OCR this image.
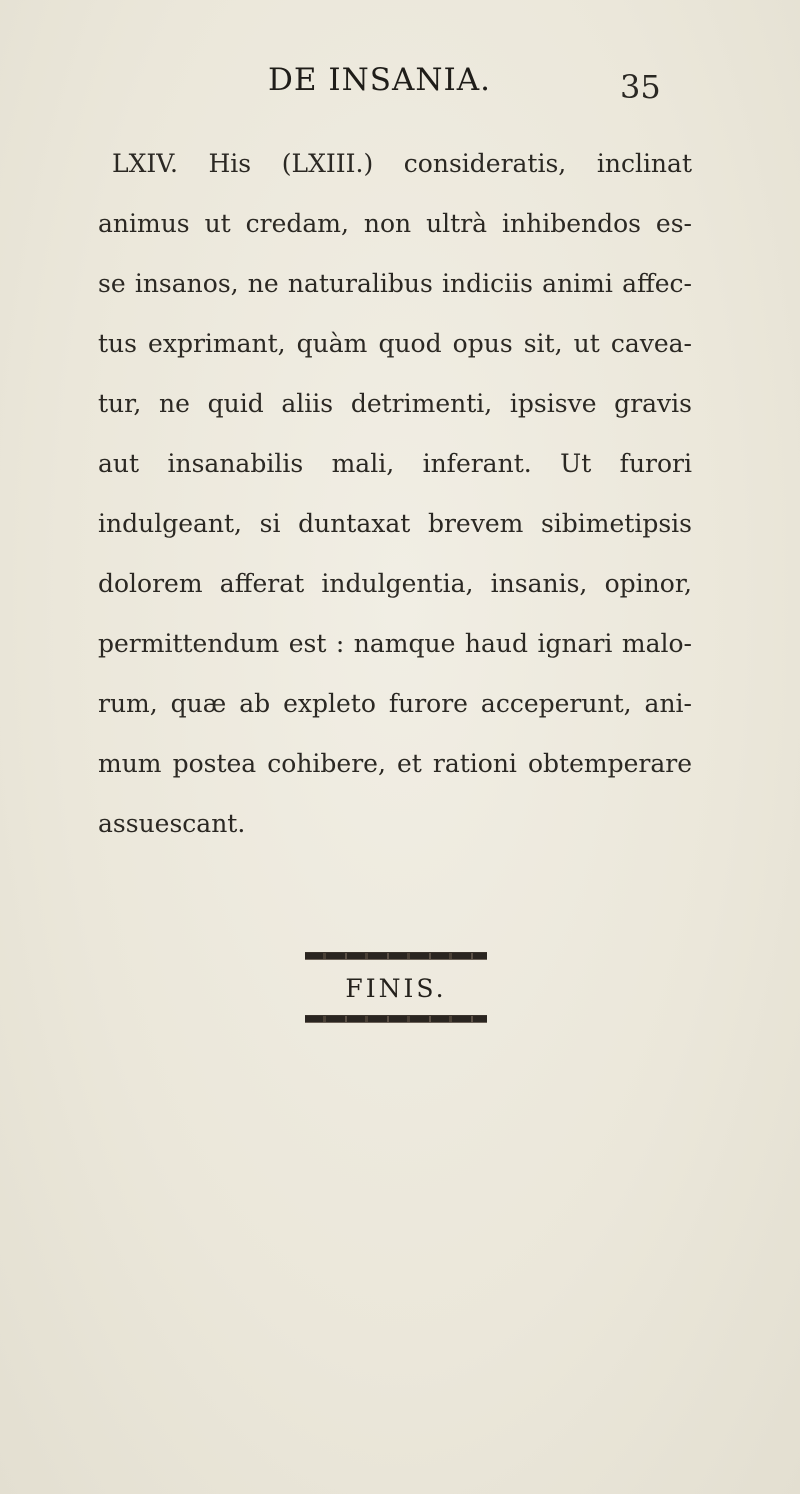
DE INSANIA.	35
LXIV. His (LXIII.) consideratis, inclinat
animus ut credam, non ultrà inhibendos es-
se insanos, ne naturalibus indiciis animi affec-
tus exprimant, quàm quod opus sit, ut cavea-
tur, ne quid aliis detrimenti, ipsisve gravis
aut insanabilis mali, inferant. Ut furori
indulgeant, si duntaxat brevem sibimetipsis
dolorem afferat indulgentia, insanis, opinor,
permittendum est : namque haud ignari malo-
rum, quæ ab expleto furore acceperunt, ani-
mum postea cohibere, et rationi obtemperare
assuescant.
FINIS.
